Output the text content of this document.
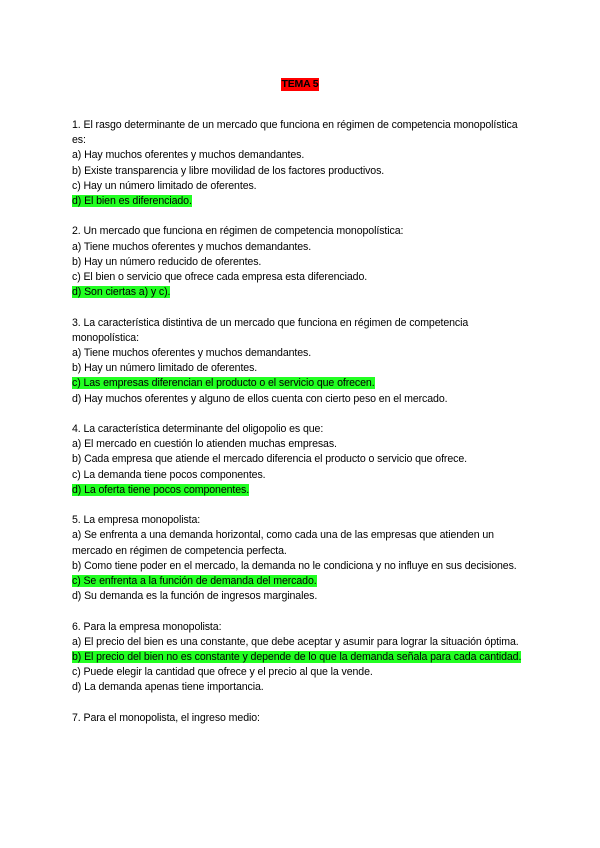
TEMA 5
1. El rasgo determinante de un mercado que funciona en régimen de competencia monopolística es:
a) Hay muchos oferentes y muchos demandantes.
b) Existe transparencia y libre movilidad de los factores productivos.
c) Hay un número limitado de oferentes.
d) El bien es diferenciado.
2. Un mercado que funciona en régimen de competencia monopolística:
a) Tiene muchos oferentes y muchos demandantes.
b) Hay un número reducido de oferentes.
c) El bien o servicio que ofrece cada empresa esta diferenciado.
d) Son ciertas a) y c).
3. La característica distintiva de un mercado que funciona en régimen de competencia monopolística:
a) Tiene muchos oferentes y muchos demandantes.
b) Hay un número limitado de oferentes.
c) Las empresas diferencian el producto o el servicio que ofrecen.
d) Hay muchos oferentes y alguno de ellos cuenta con cierto peso en el mercado.
4. La característica determinante del oligopolio es que:
a) El mercado en cuestión lo atienden muchas empresas.
b) Cada empresa que atiende el mercado diferencia el producto o servicio que ofrece.
c) La demanda tiene pocos componentes.
d) La oferta tiene pocos componentes.
5. La empresa monopolista:
a) Se enfrenta a una demanda horizontal, como cada una de las empresas que atienden un mercado en régimen de competencia perfecta.
b) Como tiene poder en el mercado, la demanda no le condiciona y no influye en sus decisiones.
c) Se enfrenta a la función de demanda del mercado.
d) Su demanda es la función de ingresos marginales.
6. Para la empresa monopolista:
a) El precio del bien es una constante, que debe aceptar y asumir para lograr la situación óptima.
b) El precio del bien no es constante y depende de lo que la demanda señala para cada cantidad.
c) Puede elegir la cantidad que ofrece y el precio al que la vende.
d) La demanda apenas tiene importancia.
7. Para el monopolista, el ingreso medio:
